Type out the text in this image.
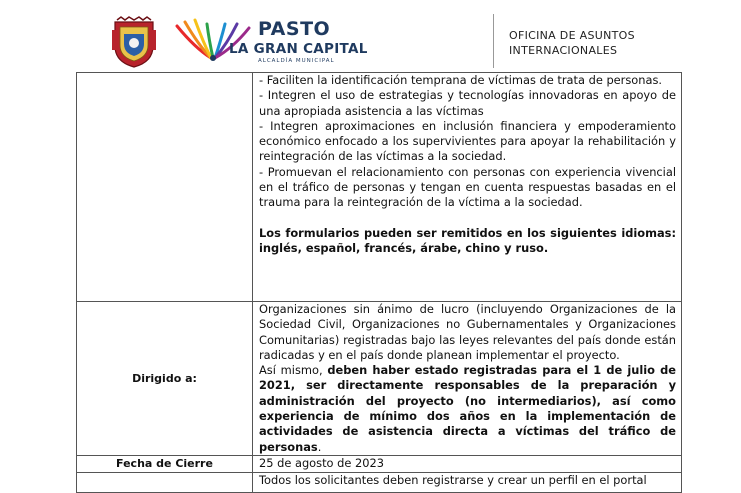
PASTO
LA GRAN CAPITAL
ALCALDÍA MUNICIPAL
OFICINA DE ASUNTOS
INTERNACIONALES

	- Faciliten la identificación temprana de víctimas de trata de personas.

- Integren el uso de estrategias y tecnologías innovadoras en apoyo de una apropiada asistencia a las víctimas

- Integren aproximaciones en inclusión financiera y empoderamiento económico enfocado a los supervivientes para apoyar la rehabilitación y reintegración de las víctimas a la sociedad.

- Promuevan el relacionamiento con personas con experiencia vivencial en el tráfico de personas y tengan en cuenta respuestas basadas en el trauma para la reintegración de la víctima a la sociedad.

Los formularios pueden ser remitidos en los siguientes idiomas: inglés, español, francés, árabe, chino y ruso.

Dirigido a:	Organizaciones sin ánimo de lucro (incluyendo Organizaciones de la Sociedad Civil, Organizaciones no Gubernamentales y Organizaciones Comunitarias) registradas bajo las leyes relevantes del país donde están radicadas y en el país donde planean implementar el proyecto.

Así mismo, deben haber estado registradas para el 1 de julio de 2021, ser directamente responsables de la preparación y administración del proyecto (no intermediarios), así como experiencia de mínimo dos años en la implementación de actividades de asistencia directa a víctimas del tráfico de personas.

Fecha de Cierre	25 de agosto de 2023
	Todos los solicitantes deben registrarse y crear un perfil en el portal
